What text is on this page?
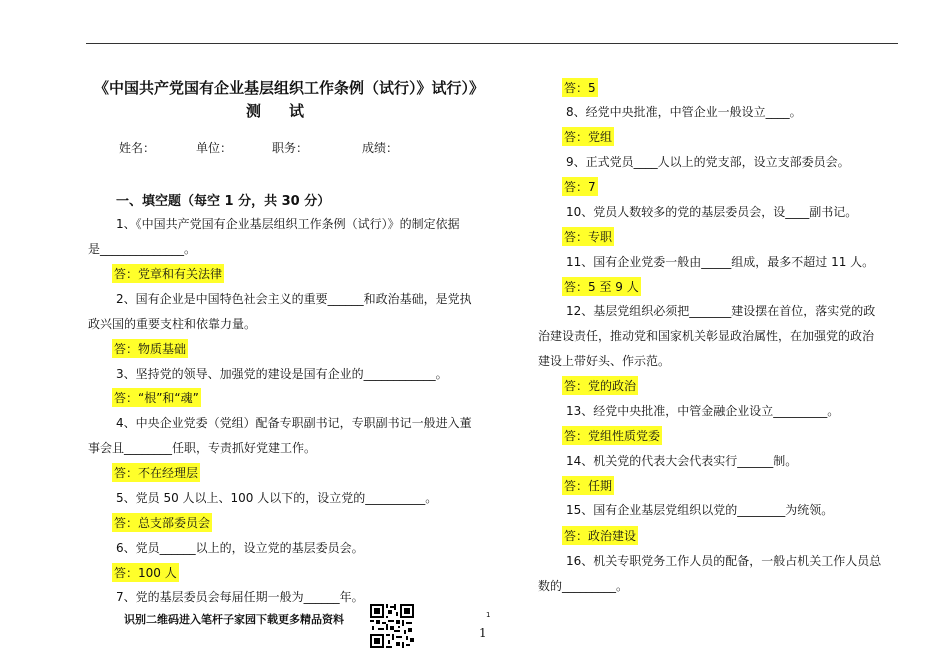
《中国共产党国有企业基层组织工作条例（试行）》试行）》
测试
姓名：	单位：	职务：	成绩：
一、填空题（每空 1 分，共 30 分）
1、《中国共产党国有企业基层组织工作条例（试行）》的制定依据
是______________。
答：党章和有关法律
2、国有企业是中国特色社会主义的重要______和政治基础，是党执
政兴国的重要支柱和依靠力量。
答：物质基础
3、坚持党的领导、加强党的建设是国有企业的____________。
答：“根”和“魂”
4、中央企业党委（党组）配备专职副书记，专职副书记一般进入董
事会且________任职，专责抓好党建工作。
答：不在经理层
5、党员 50 人以上、100 人以下的，设立党的__________。
答：总支部委员会
6、党员______以上的，设立党的基层委员会。
答：100 人
7、党的基层委员会每届任期一般为______年。
答：5
8、经党中央批准，中管企业一般设立____。
答：党组
9、正式党员____人以上的党支部，设立支部委员会。
答：7
10、党员人数较多的党的基层委员会，设____副书记。
答：专职
11、国有企业党委一般由_____组成，最多不超过 11 人。
答：5 至 9 人
12、基层党组织必须把_______建设摆在首位，落实党的政
治建设责任，推动党和国家机关彰显政治属性，在加强党的政治
建设上带好头、作示范。
答：党的政治
13、经党中央批准，中管金融企业设立_________。
答：党组性质党委
14、机关党的代表大会代表实行______制。
答：任期
15、国有企业基层党组织以党的________为统领。
答：政治建设
16、机关专职党务工作人员的配备，一般占机关工作人员总
数的_________。
识别二维码进入笔杆子家园下载更多精品资料	1
1
